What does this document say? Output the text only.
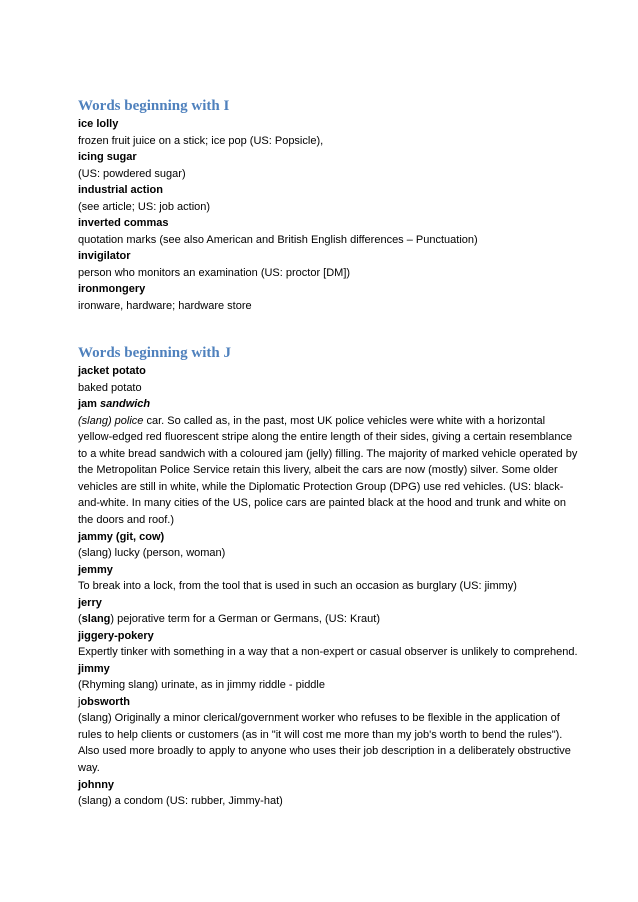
Words beginning with I

ice lolly

frozen fruit juice on a stick; ice pop (US: Popsicle),

icing sugar

(US: powdered sugar)

industrial action

(see article; US: job action)

inverted commas

quotation marks (see also American and British English differences – Punctuation)

invigilator

person who monitors an examination (US: proctor [DM])

ironmongery

ironware, hardware; hardware store

Words beginning with J

jacket potato

baked potato

jam sandwich

(slang) police car. So called as, in the past, most UK police vehicles were white with a horizontal yellow-edged red fluorescent stripe along the entire length of their sides, giving a certain resemblance to a white bread sandwich with a coloured jam (jelly) filling. The majority of marked vehicle operated by the Metropolitan Police Service retain this livery, albeit the cars are now (mostly) silver. Some older vehicles are still in white, while the Diplomatic Protection Group (DPG) use red vehicles. (US: black-and-white. In many cities of the US, police cars are painted black at the hood and trunk and white on the doors and roof.)

jammy (git, cow)

(slang) lucky (person, woman)

jemmy

To break into a lock, from the tool that is used in such an occasion as burglary (US: jimmy)

jerry

(slang) pejorative term for a German or Germans, (US: Kraut)

jiggery-pokery

Expertly tinker with something in a way that a non-expert or casual observer is unlikely to comprehend.

jimmy

(Rhyming slang) urinate, as in jimmy riddle - piddle

jobsworth

(slang) Originally a minor clerical/government worker who refuses to be flexible in the application of rules to help clients or customers (as in "it will cost me more than my job's worth to bend the rules"). Also used more broadly to apply to anyone who uses their job description in a deliberately obstructive way.

johnny

(slang) a condom (US: rubber, Jimmy-hat)
